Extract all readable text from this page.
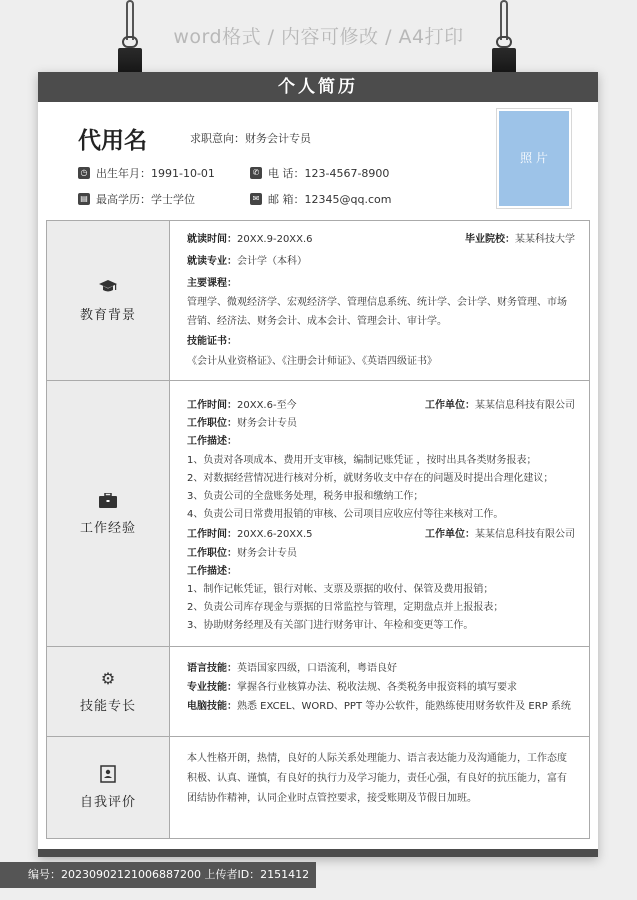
word格式 / 内容可修改 / A4打印
个人简历
代用名	求职意向：财务会计专员
照 片
◷ 出生年月：1991-10-01	✆ 电 话：123-4567-8900
▤ 最高学历：学士学位	✉ 邮 箱：12345@qq.com
教育背景
就读时间：20XX.9-20XX.6	毕业院校：某某科技大学
就读专业：会计学（本科）
主要课程：
管理学、微观经济学、宏观经济学、管理信息系统、统计学、会计学、财务管理、市场
营销、经济法、财务会计、成本会计、管理会计、审计学。
技能证书：
《会计从业资格证》、《注册会计师证》、《英语四级证书》
工作经验
工作时间：20XX.6-至今	工作单位：某某信息科技有限公司
工作职位：财务会计专员
工作描述：
1、负责对各项成本、费用开支审核，编制记账凭证 ，按时出具各类财务报表；
2、对数据经营情况进行核对分析，就财务收支中存在的问题及时提出合理化建议；
3、负责公司的全盘账务处理，税务申报和缴纳工作；
4、负责公司日常费用报销的审核、公司项目应收应付等往来核对工作。
工作时间：20XX.6-20XX.5	工作单位：某某信息科技有限公司
工作职位：财务会计专员
工作描述：
1、制作记帐凭证，银行对帐、支票及票据的收付、保管及费用报销；
2、负责公司库存现金与票据的日常监控与管理，定期盘点并上报报表；
3、协助财务经理及有关部门进行财务审计、年检和变更等工作。
⚙
技能专长
语言技能：英语国家四级，口语流利，粤语良好
专业技能：掌握各行业核算办法、税收法规、各类税务申报资料的填写要求
电脑技能：熟悉 EXCEL、WORD、PPT 等办公软件，能熟练使用财务软件及 ERP 系统
自我评价
本人性格开朗，热情，良好的人际关系处理能力、语言表达能力及沟通能力，工作态度
积极、认真、谨慎，有良好的执行力及学习能力，责任心强，有良好的抗压能力，富有
团结协作精神，认同企业时点管控要求，接受账期及节假日加班。
编号：20230902121006887200 上传者ID：2151412
